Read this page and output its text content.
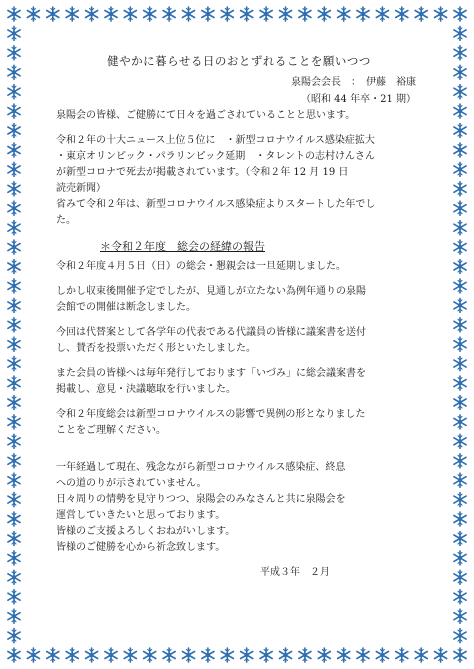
健やかに暮らせる日のおとずれることを願いつつ
泉陽会会長　：　伊藤　裕康
（昭和 44 年卒・21 期）
泉陽会の皆様、ご健勝にて日々を過ごされていることと思います。
令和２年の十大ニュース上位５位に　・新型コロナウイルス感染症拡大
・東京オリンピック・パラリンピック延期　・タレントの志村けんさん
が新型コロナで死去が掲載されています。（令和２年 12 月 19 日
読売新聞）
省みて令和２年は、新型コロナウイルス感染症よりスタートした年でし
た。
＊令和２年度　総会の経緯の報告
令和２年度４月５日（日）の総会・懇親会は一旦延期しました。
しかし収束後開催予定でしたが、見通しが立たない為例年通りの泉陽
会館での開催は断念しました。
今回は代替案として各学年の代表である代議員の皆様に議案書を送付
し、賛否を投票いただく形といたしました。
また会員の皆様へは毎年発行しております「いづみ」に総会議案書を
掲載し、意見・決議聴取を行いました。
令和２年度総会は新型コロナウイルスの影響で異例の形となりました
ことをご理解ください。
一年経過して現在、残念ながら新型コロナウイルス感染症、終息
への道のりが示されていません。
日々周りの情勢を見守りつつ、泉陽会のみなさんと共に泉陽会を
運営していきたいと思っております。
皆様のご支援よろしくおねがいします。
皆様のご健勝を心から祈念致します。
平成３年　２月
